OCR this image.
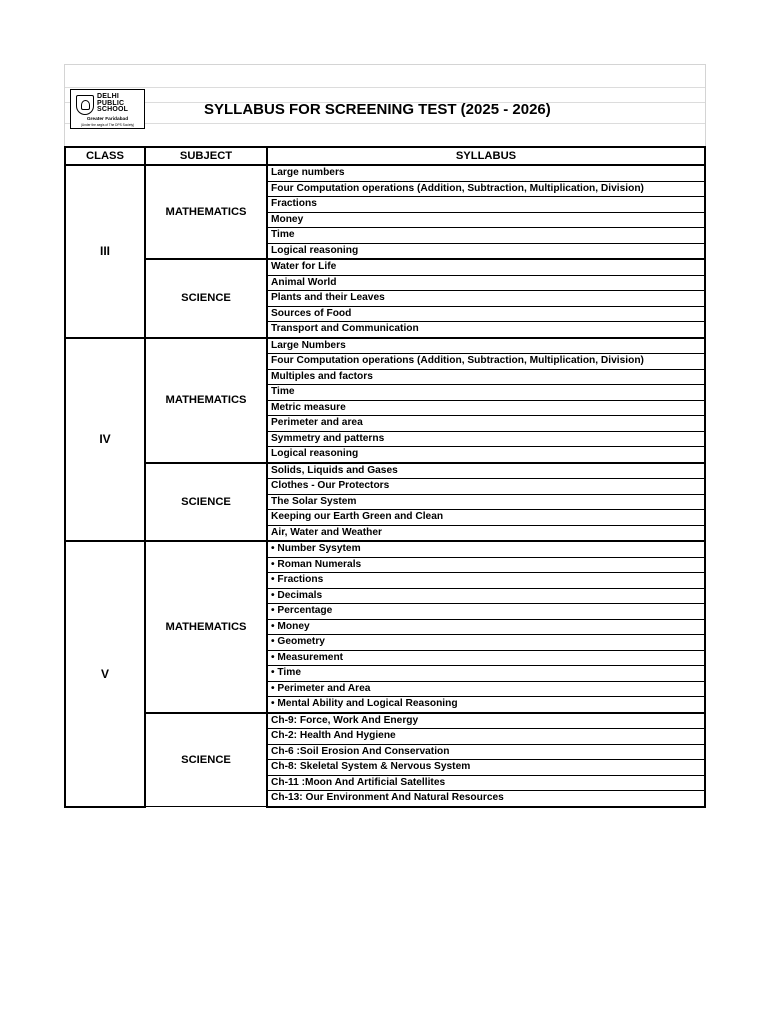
DELHI
PUBLIC
SCHOOL
Greater Faridabad
(Under the aegis of The DPS Society)
SYLLABUS FOR SCREENING TEST (2025 - 2026)
CLASS	SUBJECT	SYLLABUS
III	MATHEMATICS	Large numbers
		Four Computation operations (Addition, Subtraction, Multiplication, Division)
		Fractions
		Money
		Time
		Logical reasoning
	SCIENCE	Water for Life
		Animal World
		Plants and their Leaves
		Sources of Food
		Transport and Communication
IV	MATHEMATICS	Large Numbers
		Four Computation operations (Addition, Subtraction, Multiplication, Division)
		Multiples and factors
		Time
		Metric measure
		Perimeter and area
		Symmetry and patterns
		Logical reasoning
	SCIENCE	Solids, Liquids and Gases
		Clothes - Our Protectors
		The Solar System
		Keeping our Earth Green and Clean
		Air, Water and Weather
V	MATHEMATICS	• Number Sysytem
		• Roman Numerals
		• Fractions
		• Decimals
		• Percentage
		• Money
		• Geometry
		• Measurement
		• Time
		• Perimeter and Area
		• Mental Ability and Logical Reasoning
	SCIENCE	Ch-9: Force, Work And Energy
		Ch-2: Health And Hygiene
		Ch-6 :Soil Erosion And Conservation
		Ch-8: Skeletal System & Nervous System
		Ch-11 :Moon And Artificial Satellites
		Ch-13: Our Environment And Natural Resources
